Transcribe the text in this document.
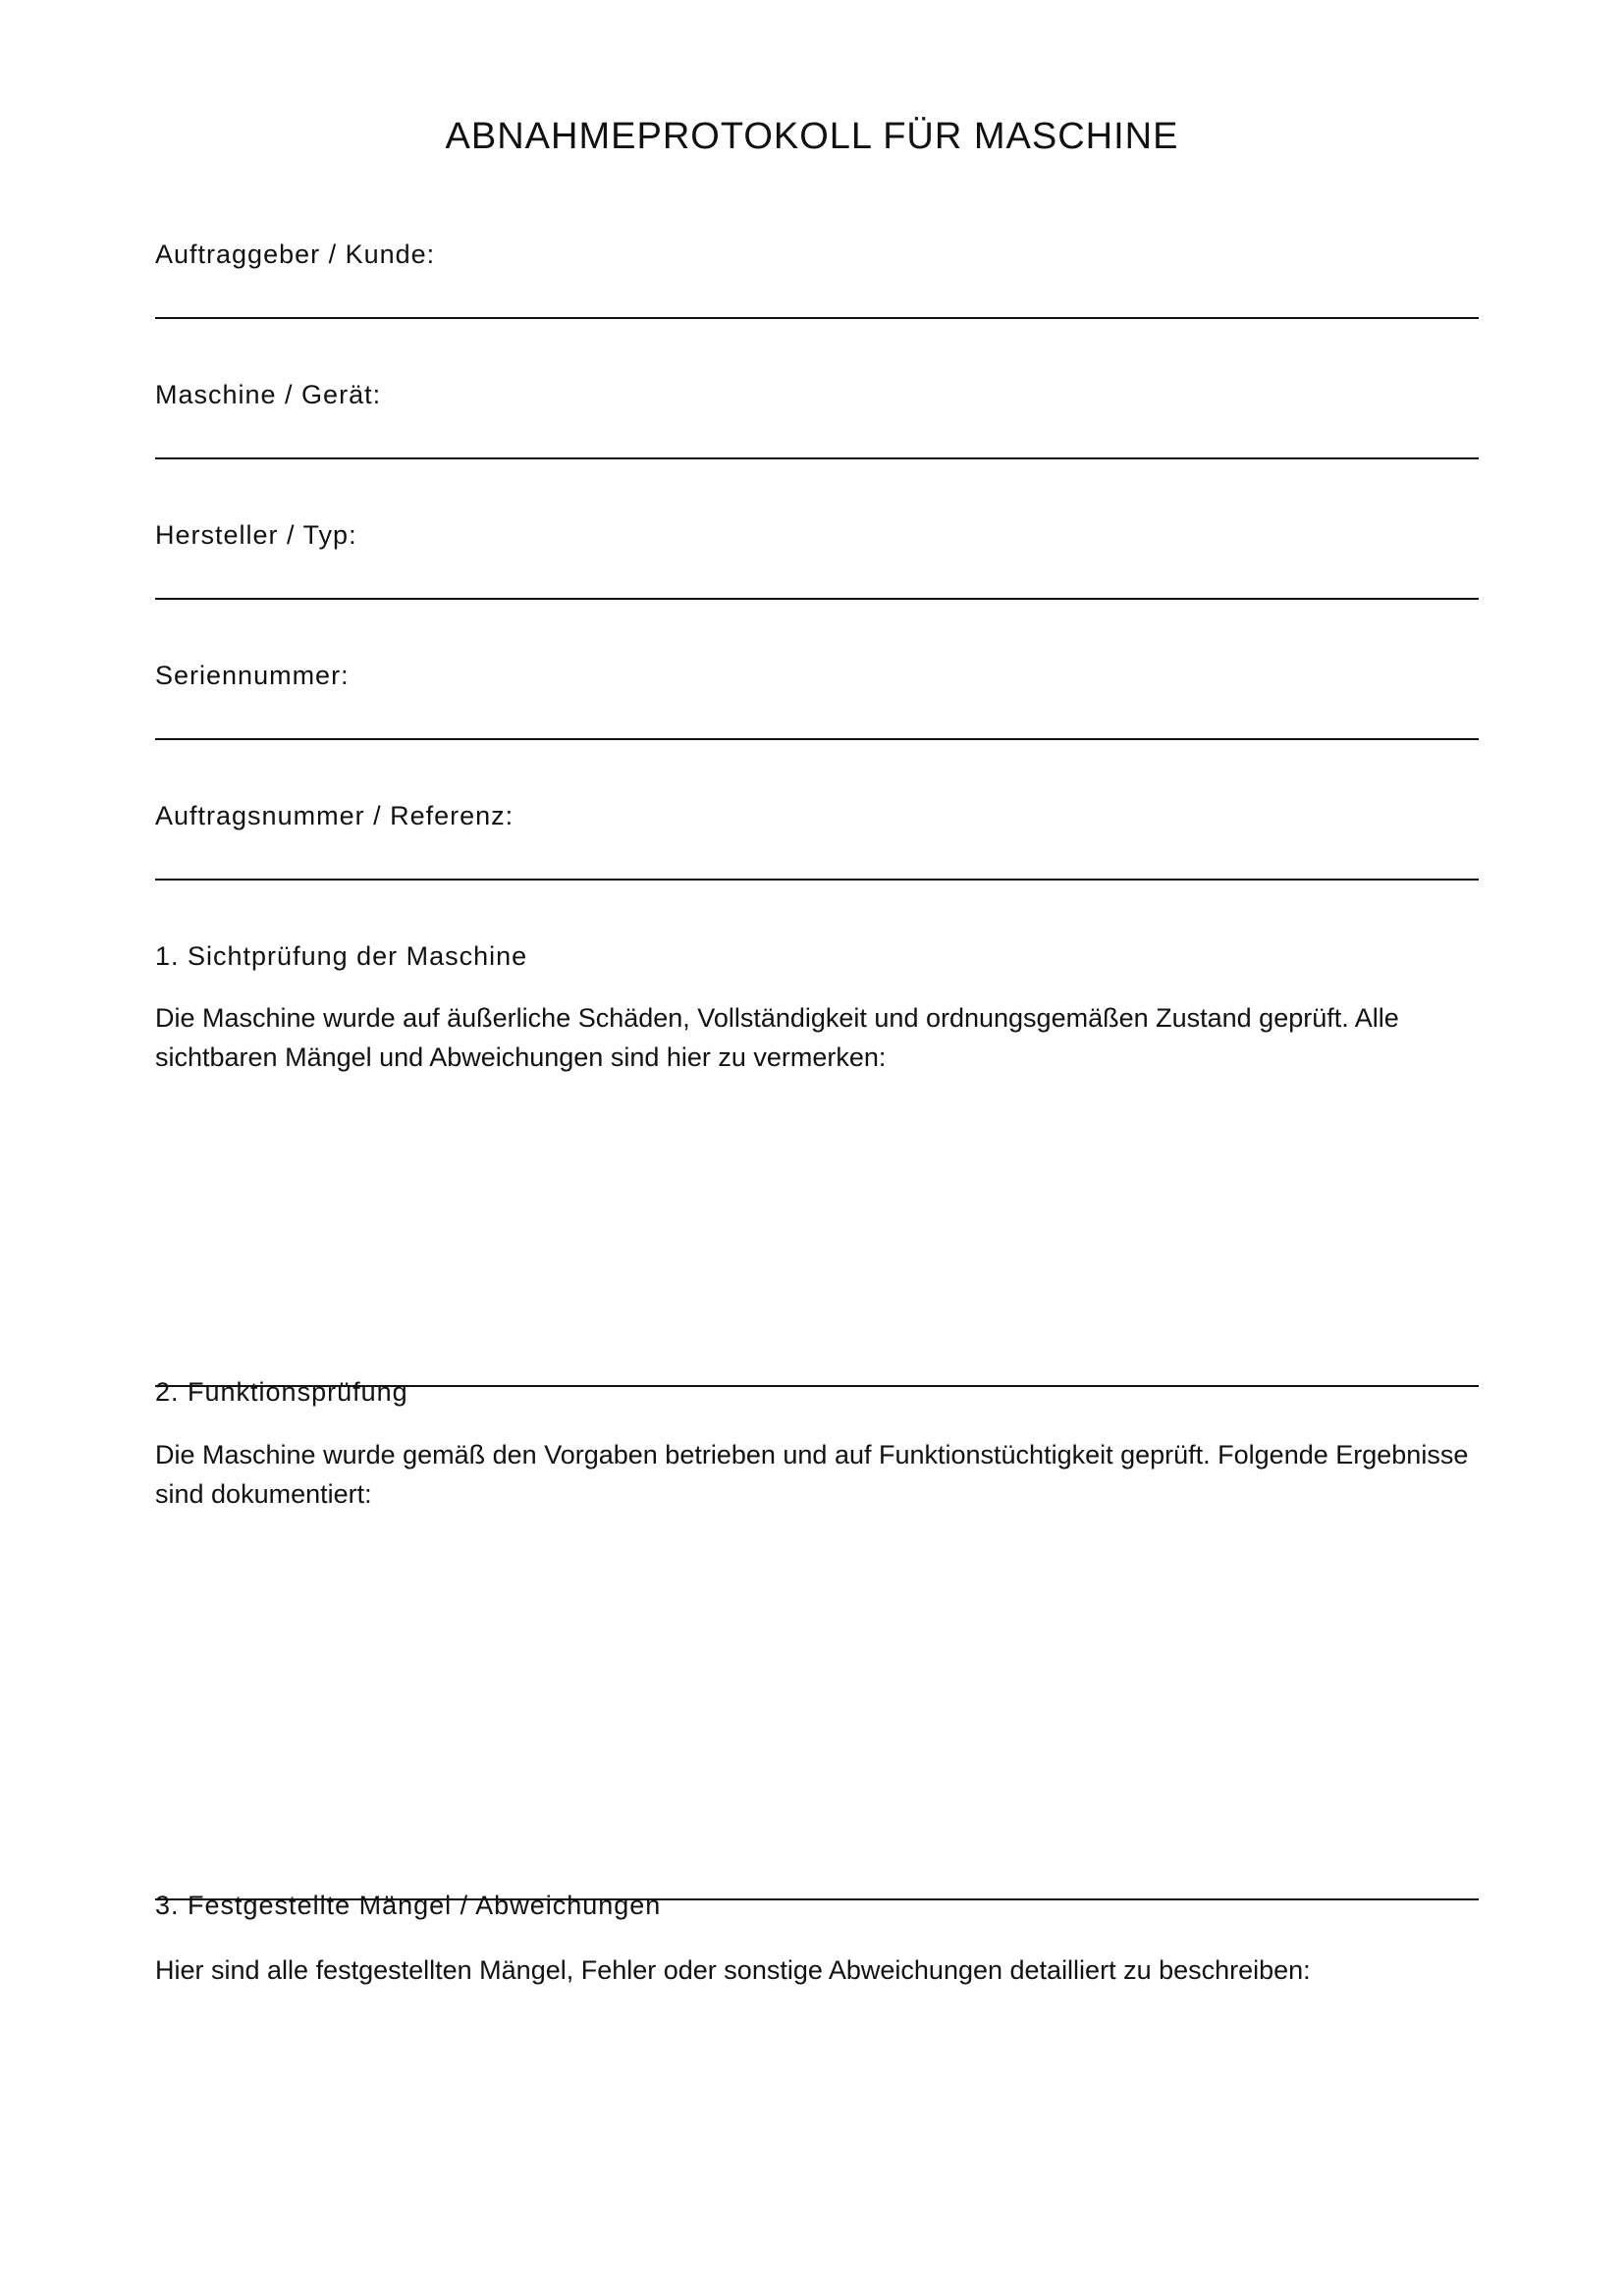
ABNAHMEPROTOKOLL FÜR MASCHINE
Auftraggeber / Kunde:
Maschine / Gerät:
Hersteller / Typ:
Seriennummer:
Auftragsnummer / Referenz:
1. Sichtprüfung der Maschine

Die Maschine wurde auf äußerliche Schäden, Vollständigkeit und ordnungsgemäßen Zustand geprüft. Alle sichtbaren Mängel und Abweichungen sind hier zu vermerken:

2. Funktionsprüfung

Die Maschine wurde gemäß den Vorgaben betrieben und auf Funktionstüchtigkeit geprüft. Folgende Ergebnisse sind dokumentiert:

3. Festgestellte Mängel / Abweichungen

Hier sind alle festgestellten Mängel, Fehler oder sonstige Abweichungen detailliert zu beschreiben:
